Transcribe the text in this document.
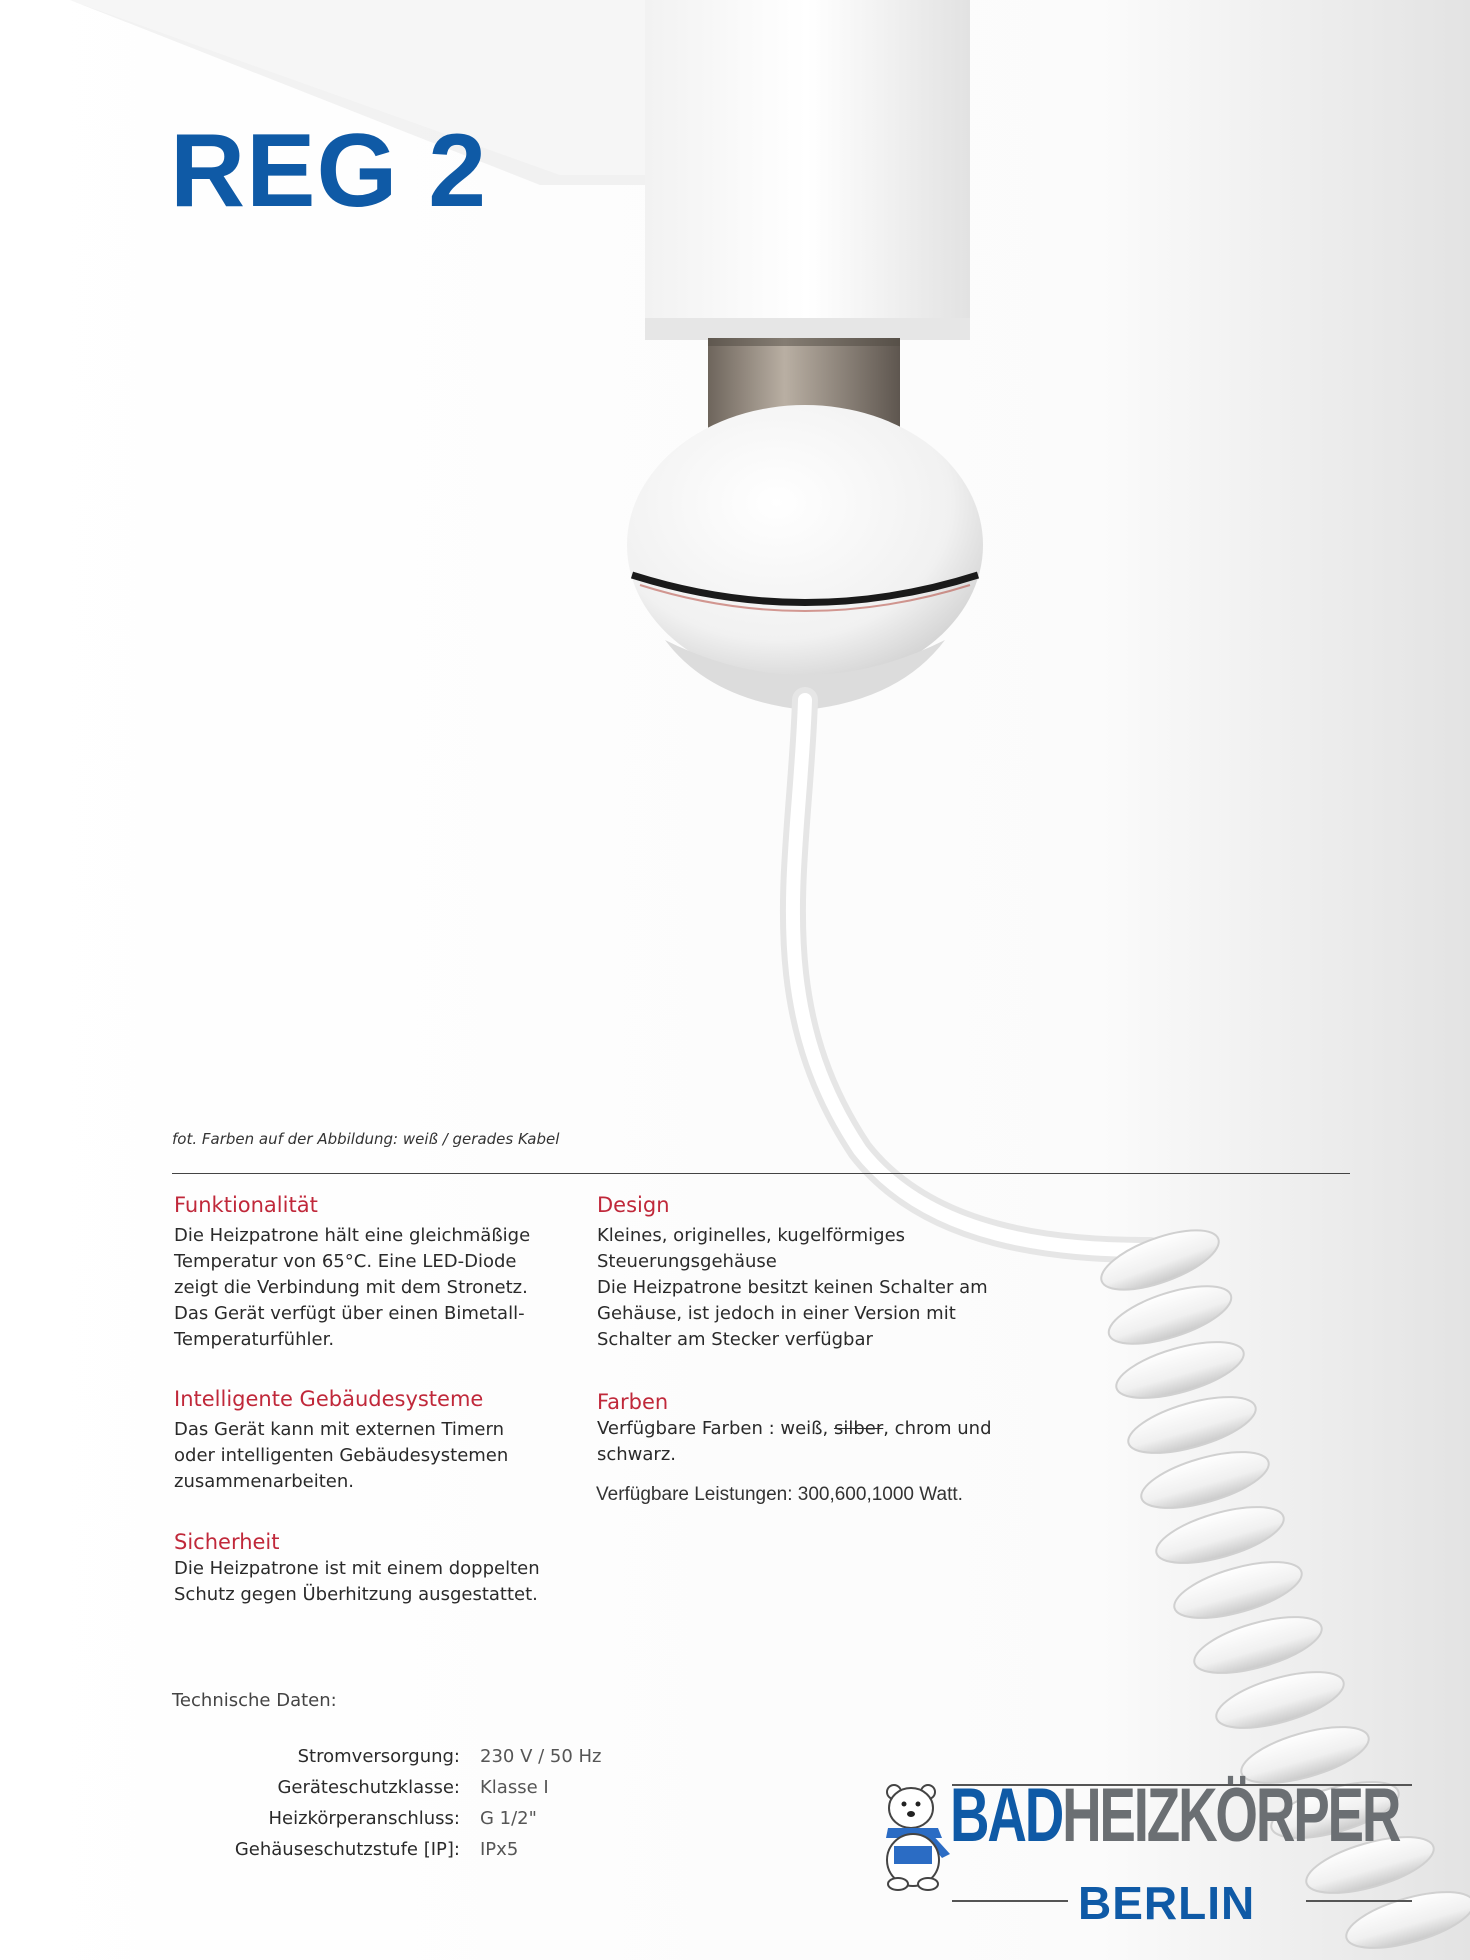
REG 2
fot. Farben auf der Abbildung: weiß / gerades Kabel
Funktionalität

Die Heizpatrone hält eine gleichmäßige Temperatur von 65°C. Eine LED-Diode zeigt die Verbindung mit dem Stronetz. Das Gerät verfügt über einen Bimetall-Temperaturfühler.

Intelligente Gebäudesysteme

Das Gerät kann mit externen Timern oder intelligenten Gebäudesystemen zusammenarbeiten.

Sicherheit

Die Heizpatrone ist mit einem doppelten Schutz gegen Überhitzung ausgestattet.

Design

Kleines, originelles, kugelförmiges Steuerungsgehäuse

Die Heizpatrone besitzt keinen Schalter am Gehäuse, ist jedoch in einer Version mit Schalter am Stecker verfügbar

Farben

Verfügbare Farben : weiß, silber, chrom und schwarz.

Verfügbare Leistungen: 300,600,1000 Watt.
Technische Daten:
Stromversorgung:	230 V / 50 Hz
Geräteschutzklasse:	Klasse I
Heizkörperanschluss:	G 1/2"
Gehäuseschutzstufe [IP]:	IPx5	BADHEIZKÖRPER
BERLIN
